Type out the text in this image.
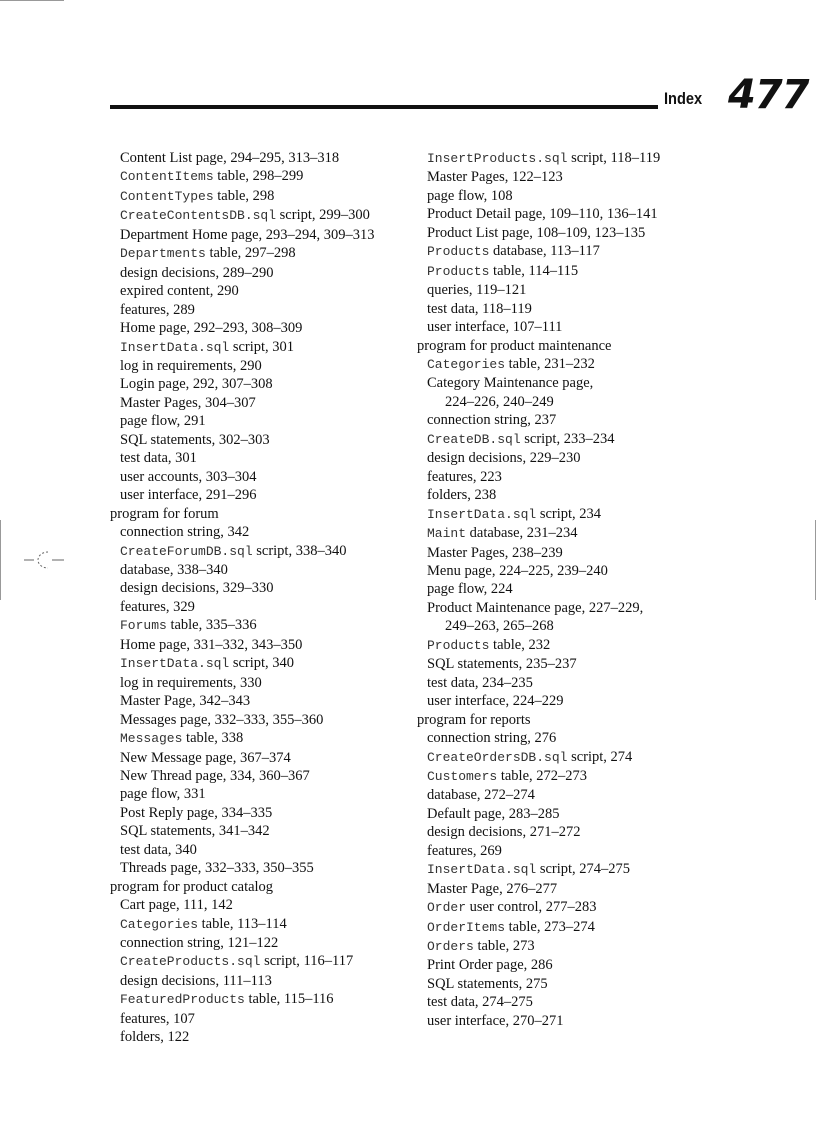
Index 477
Content List page, 294–295, 313–318
ContentItems table, 298–299
ContentTypes table, 298
CreateContentsDB.sql script, 299–300
Department Home page, 293–294, 309–313
Departments table, 297–298
design decisions, 289–290
expired content, 290
features, 289
Home page, 292–293, 308–309
InsertData.sql script, 301
log in requirements, 290
Login page, 292, 307–308
Master Pages, 304–307
page flow, 291
SQL statements, 302–303
test data, 301
user accounts, 303–304
user interface, 291–296
program for forum
connection string, 342
CreateForumDB.sql script, 338–340
database, 338–340
design decisions, 329–330
features, 329
Forums table, 335–336
Home page, 331–332, 343–350
InsertData.sql script, 340
log in requirements, 330
Master Page, 342–343
Messages page, 332–333, 355–360
Messages table, 338
New Message page, 367–374
New Thread page, 334, 360–367
page flow, 331
Post Reply page, 334–335
SQL statements, 341–342
test data, 340
Threads page, 332–333, 350–355
program for product catalog
Cart page, 111, 142
Categories table, 113–114
connection string, 121–122
CreateProducts.sql script, 116–117
design decisions, 111–113
FeaturedProducts table, 115–116
features, 107
folders, 122
InsertProducts.sql script, 118–119
Master Pages, 122–123
page flow, 108
Product Detail page, 109–110, 136–141
Product List page, 108–109, 123–135
Products database, 113–117
Products table, 114–115
queries, 119–121
test data, 118–119
user interface, 107–111
program for product maintenance
Categories table, 231–232
Category Maintenance page,
224–226, 240–249
connection string, 237
CreateDB.sql script, 233–234
design decisions, 229–230
features, 223
folders, 238
InsertData.sql script, 234
Maint database, 231–234
Master Pages, 238–239
Menu page, 224–225, 239–240
page flow, 224
Product Maintenance page, 227–229,
249–263, 265–268
Products table, 232
SQL statements, 235–237
test data, 234–235
user interface, 224–229
program for reports
connection string, 276
CreateOrdersDB.sql script, 274
Customers table, 272–273
database, 272–274
Default page, 283–285
design decisions, 271–272
features, 269
InsertData.sql script, 274–275
Master Page, 276–277
Order user control, 277–283
OrderItems table, 273–274
Orders table, 273
Print Order page, 286
SQL statements, 275
test data, 274–275
user interface, 270–271
